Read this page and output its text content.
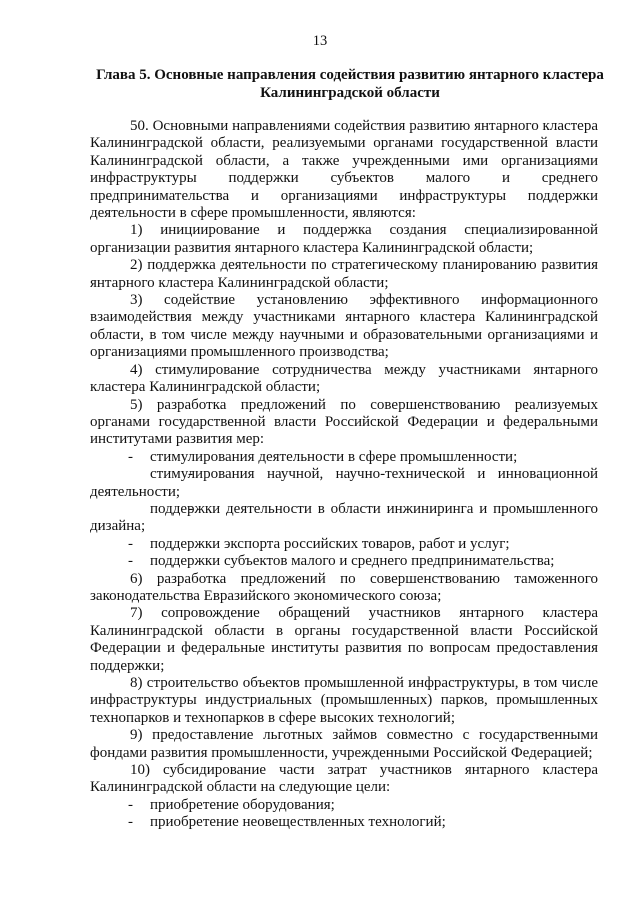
13
Глава 5. Основные направления содействия развитию янтарного кластера Калининградской области

50. Основными направлениями содействия развитию янтарного кластера Калининградской области, реализуемыми органами государственной власти Калининградской области, а также учрежденными ими организациями инфраструктуры поддержки субъектов малого и среднего предпринимательства и организациями инфраструктуры поддержки деятельности в сфере промышленности, являются:

1) инициирование и поддержка создания специализированной организации развития янтарного кластера Калининградской области;

2) поддержка деятельности по стратегическому планированию развития янтарного кластера Калининградской области;

3) содействие установлению эффективного информационного взаимодействия между участниками янтарного кластера Калининградской области, в том числе между научными и образовательными организациями и организациями промышленного производства;

4) стимулирование сотрудничества между участниками янтарного кластера Калининградской области;

5) разработка предложений по совершенствованию реализуемых органами государственной власти Российской Федерации и федеральными институтами развития мер:

- стимулирования деятельности в сфере промышленности;

- стимулирования научной, научно-технической и инновационной деятельности;

- поддержки деятельности в области инжиниринга и промышленного дизайна;

- поддержки экспорта российских товаров, работ и услуг;

- поддержки субъектов малого и среднего предпринимательства;

6) разработка предложений по совершенствованию таможенного законодательства Евразийского экономического союза;

7) сопровождение обращений участников янтарного кластера Калининградской области в органы государственной власти Российской Федерации и федеральные институты развития по вопросам предоставления поддержки;

8) строительство объектов промышленной инфраструктуры, в том числе инфраструктуры индустриальных (промышленных) парков, промышленных технопарков и технопарков в сфере высоких технологий;

9) предоставление льготных займов совместно с государственными фондами развития промышленности, учрежденными Российской Федерацией;

10) субсидирование части затрат участников янтарного кластера Калининградской области на следующие цели:

- приобретение оборудования;

- приобретение неовеществленных технологий;
